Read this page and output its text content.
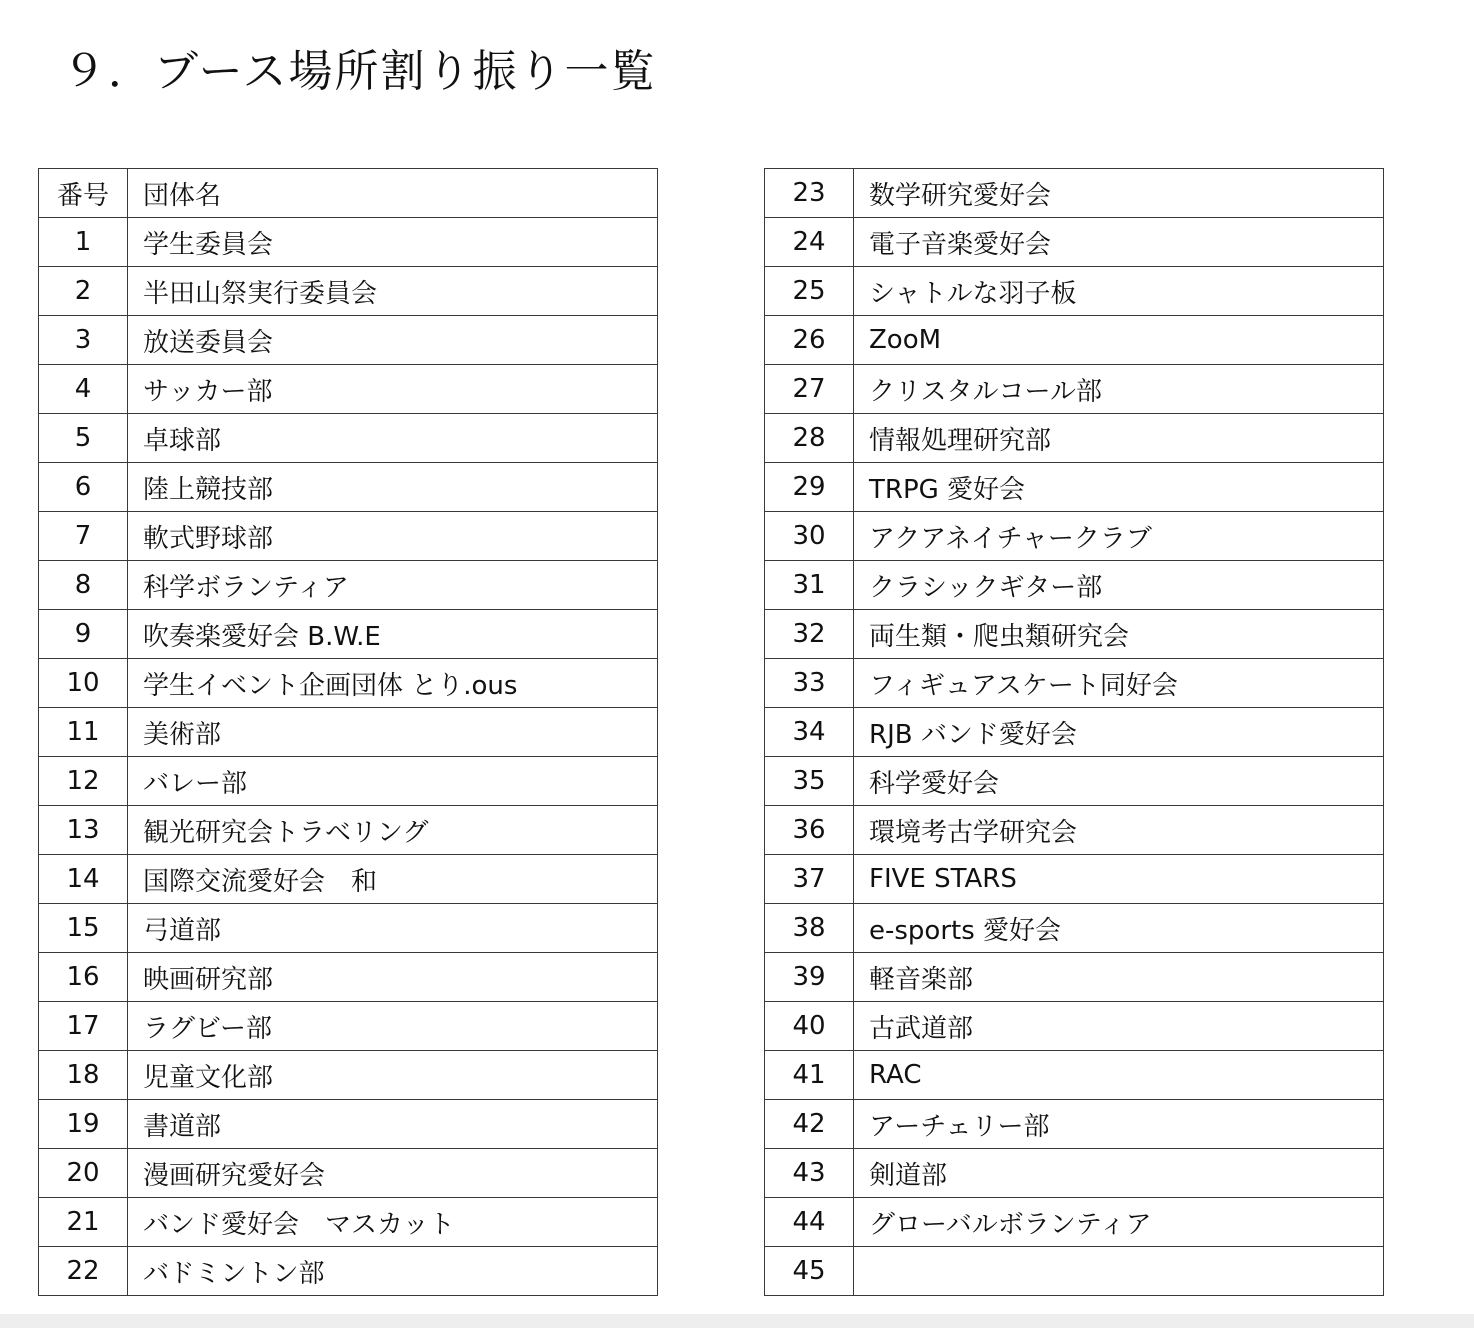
９．ブース場所割り振り一覧
番号	団体名
1	学生委員会
2	半田山祭実行委員会
3	放送委員会
4	サッカー部
5	卓球部
6	陸上競技部
7	軟式野球部
8	科学ボランティア
9	吹奏楽愛好会 B.W.E
10	学生イベント企画団体 とり.ous
11	美術部
12	バレー部
13	観光研究会トラベリング
14	国際交流愛好会　和
15	弓道部
16	映画研究部
17	ラグビー部
18	児童文化部
19	書道部
20	漫画研究愛好会
21	バンド愛好会　マスカット
22	バドミントン部
23	数学研究愛好会
24	電子音楽愛好会
25	シャトルな羽子板
26	ZooM
27	クリスタルコール部
28	情報処理研究部
29	TRPG 愛好会
30	アクアネイチャークラブ
31	クラシックギター部
32	両生類・爬虫類研究会
33	フィギュアスケート同好会
34	RJB バンド愛好会
35	科学愛好会
36	環境考古学研究会
37	FIVE STARS
38	e-sports 愛好会
39	軽音楽部
40	古武道部
41	RAC
42	アーチェリー部
43	剣道部
44	グローバルボランティア
45	
